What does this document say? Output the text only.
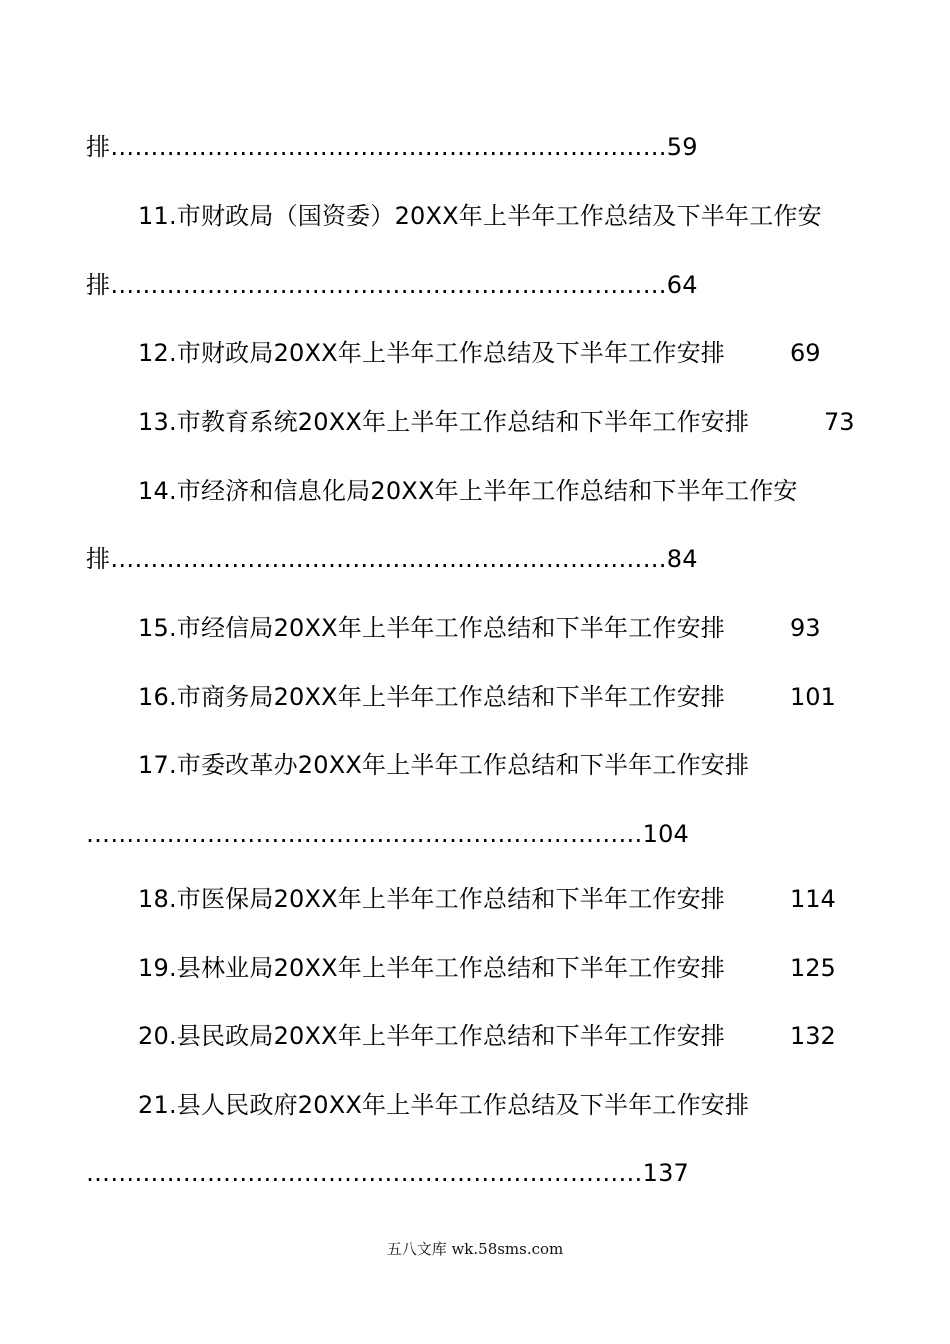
排……………………………………………………………59
11.市财政局（国资委）20XX年上半年工作总结及下半年工作安
排……………………………………………………………64
12.市财政局20XX年上半年工作总结及下半年工作安排	69
13.市教育系统20XX年上半年工作总结和下半年工作安排	73
14.市经济和信息化局20XX年上半年工作总结和下半年工作安
排……………………………………………………………84
15.市经信局20XX年上半年工作总结和下半年工作安排	93
16.市商务局20XX年上半年工作总结和下半年工作安排	101
17.市委改革办20XX年上半年工作总结和下半年工作安排
……………………………………………………………104
18.市医保局20XX年上半年工作总结和下半年工作安排	114
19.县林业局20XX年上半年工作总结和下半年工作安排	125
20.县民政局20XX年上半年工作总结和下半年工作安排	132
21.县人民政府20XX年上半年工作总结及下半年工作安排
……………………………………………………………137
五八文库 wk.58sms.com
